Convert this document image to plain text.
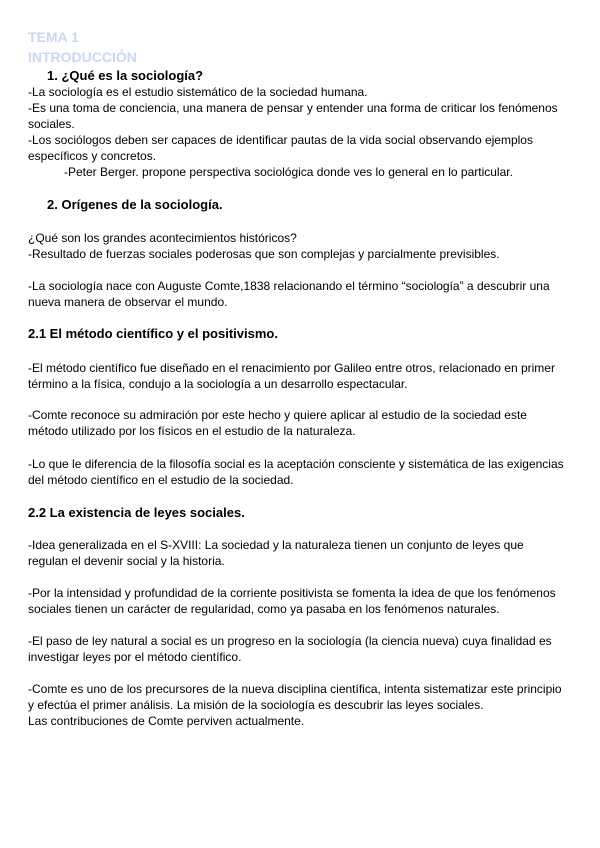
TEMA 1
INTRODUCCIÓN
1. ¿Qué es la sociología?
-La sociología es el estudio sistemático de la sociedad humana.
-Es una toma de conciencia, una manera de pensar y entender una forma de criticar los fenómenos
sociales.
-Los sociólogos deben ser capaces de identificar pautas de la vida social observando ejemplos
específicos y concretos.
-Peter Berger. propone perspectiva sociológica donde ves lo general en lo particular.
2. Orígenes de la sociología.
¿Qué son los grandes acontecimientos históricos?
-Resultado de fuerzas sociales poderosas que son complejas y parcialmente previsibles.
-La sociología nace con Auguste Comte,1838 relacionando el término “sociología” a descubrir una
nueva manera de observar el mundo.
2.1 El método científico y el positivismo.
-El método científico fue diseñado en el renacimiento por Galileo entre otros, relacionado en primer
término a la física, condujo a la sociología a un desarrollo espectacular.
-Comte reconoce su admiración por este hecho y quiere aplicar al estudio de la sociedad este
método utilizado por los físicos en el estudio de la naturaleza.
-Lo que le diferencia de la filosofía social es la aceptación consciente y sistemática de las exigencias
del método científico en el estudio de la sociedad.
2.2 La existencia de leyes sociales.
-Idea generalizada en el S-XVIII: La sociedad y la naturaleza tienen un conjunto de leyes que
regulan el devenir social y la historia.
-Por la intensidad y profundidad de la corriente positivista se fomenta la idea de que los fenómenos
sociales tienen un carácter de regularidad, como ya pasaba en los fenómenos naturales.
-El paso de ley natural a social es un progreso en la sociología (la ciencia nueva) cuya finalidad es
investigar leyes por el método científico.
-Comte es uno de los precursores de la nueva disciplina científica, intenta sistematizar este principio
y efectúa el primer análisis. La misión de la sociología es descubrir las leyes sociales.
Las contribuciones de Comte perviven actualmente.
